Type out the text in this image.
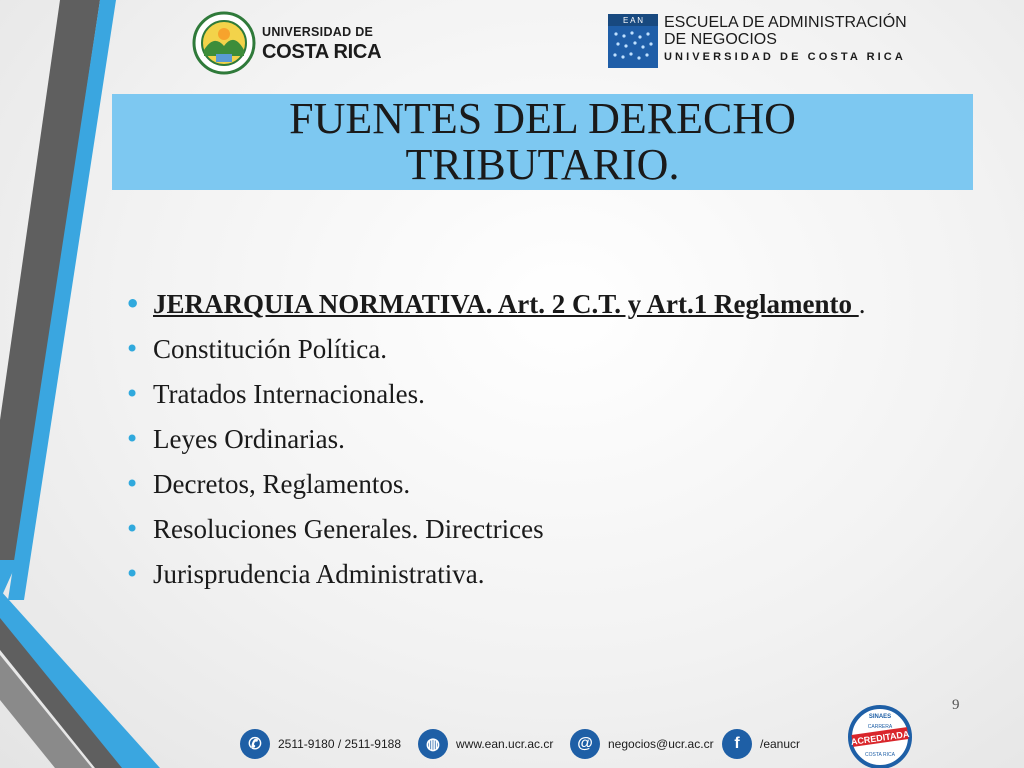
UNIVERSIDAD DE
COSTA RICA
E A N ESCUELA DE ADMINISTRACIÓN
DE NEGOCIOS
UNIVERSIDAD DE COSTA RICA
FUENTES DEL DERECHO TRIBUTARIO.
• JERARQUIA NORMATIVA. Art. 2 C.T. y Art.1 Reglamento .
• Constitución Política.
• Tratados Internacionales.
• Leyes Ordinarias.
• Decretos, Reglamentos.
• Resoluciones Generales. Directrices
• Jurisprudencia Administrativa.
9
✆	2511-9180 / 2511-9188	◍	www.ean.ucr.ac.cr	@	negocios@ucr.ac.cr	f	/eanucr
SINAES
CARRERA
ACREDITADA
COSTA RICA
